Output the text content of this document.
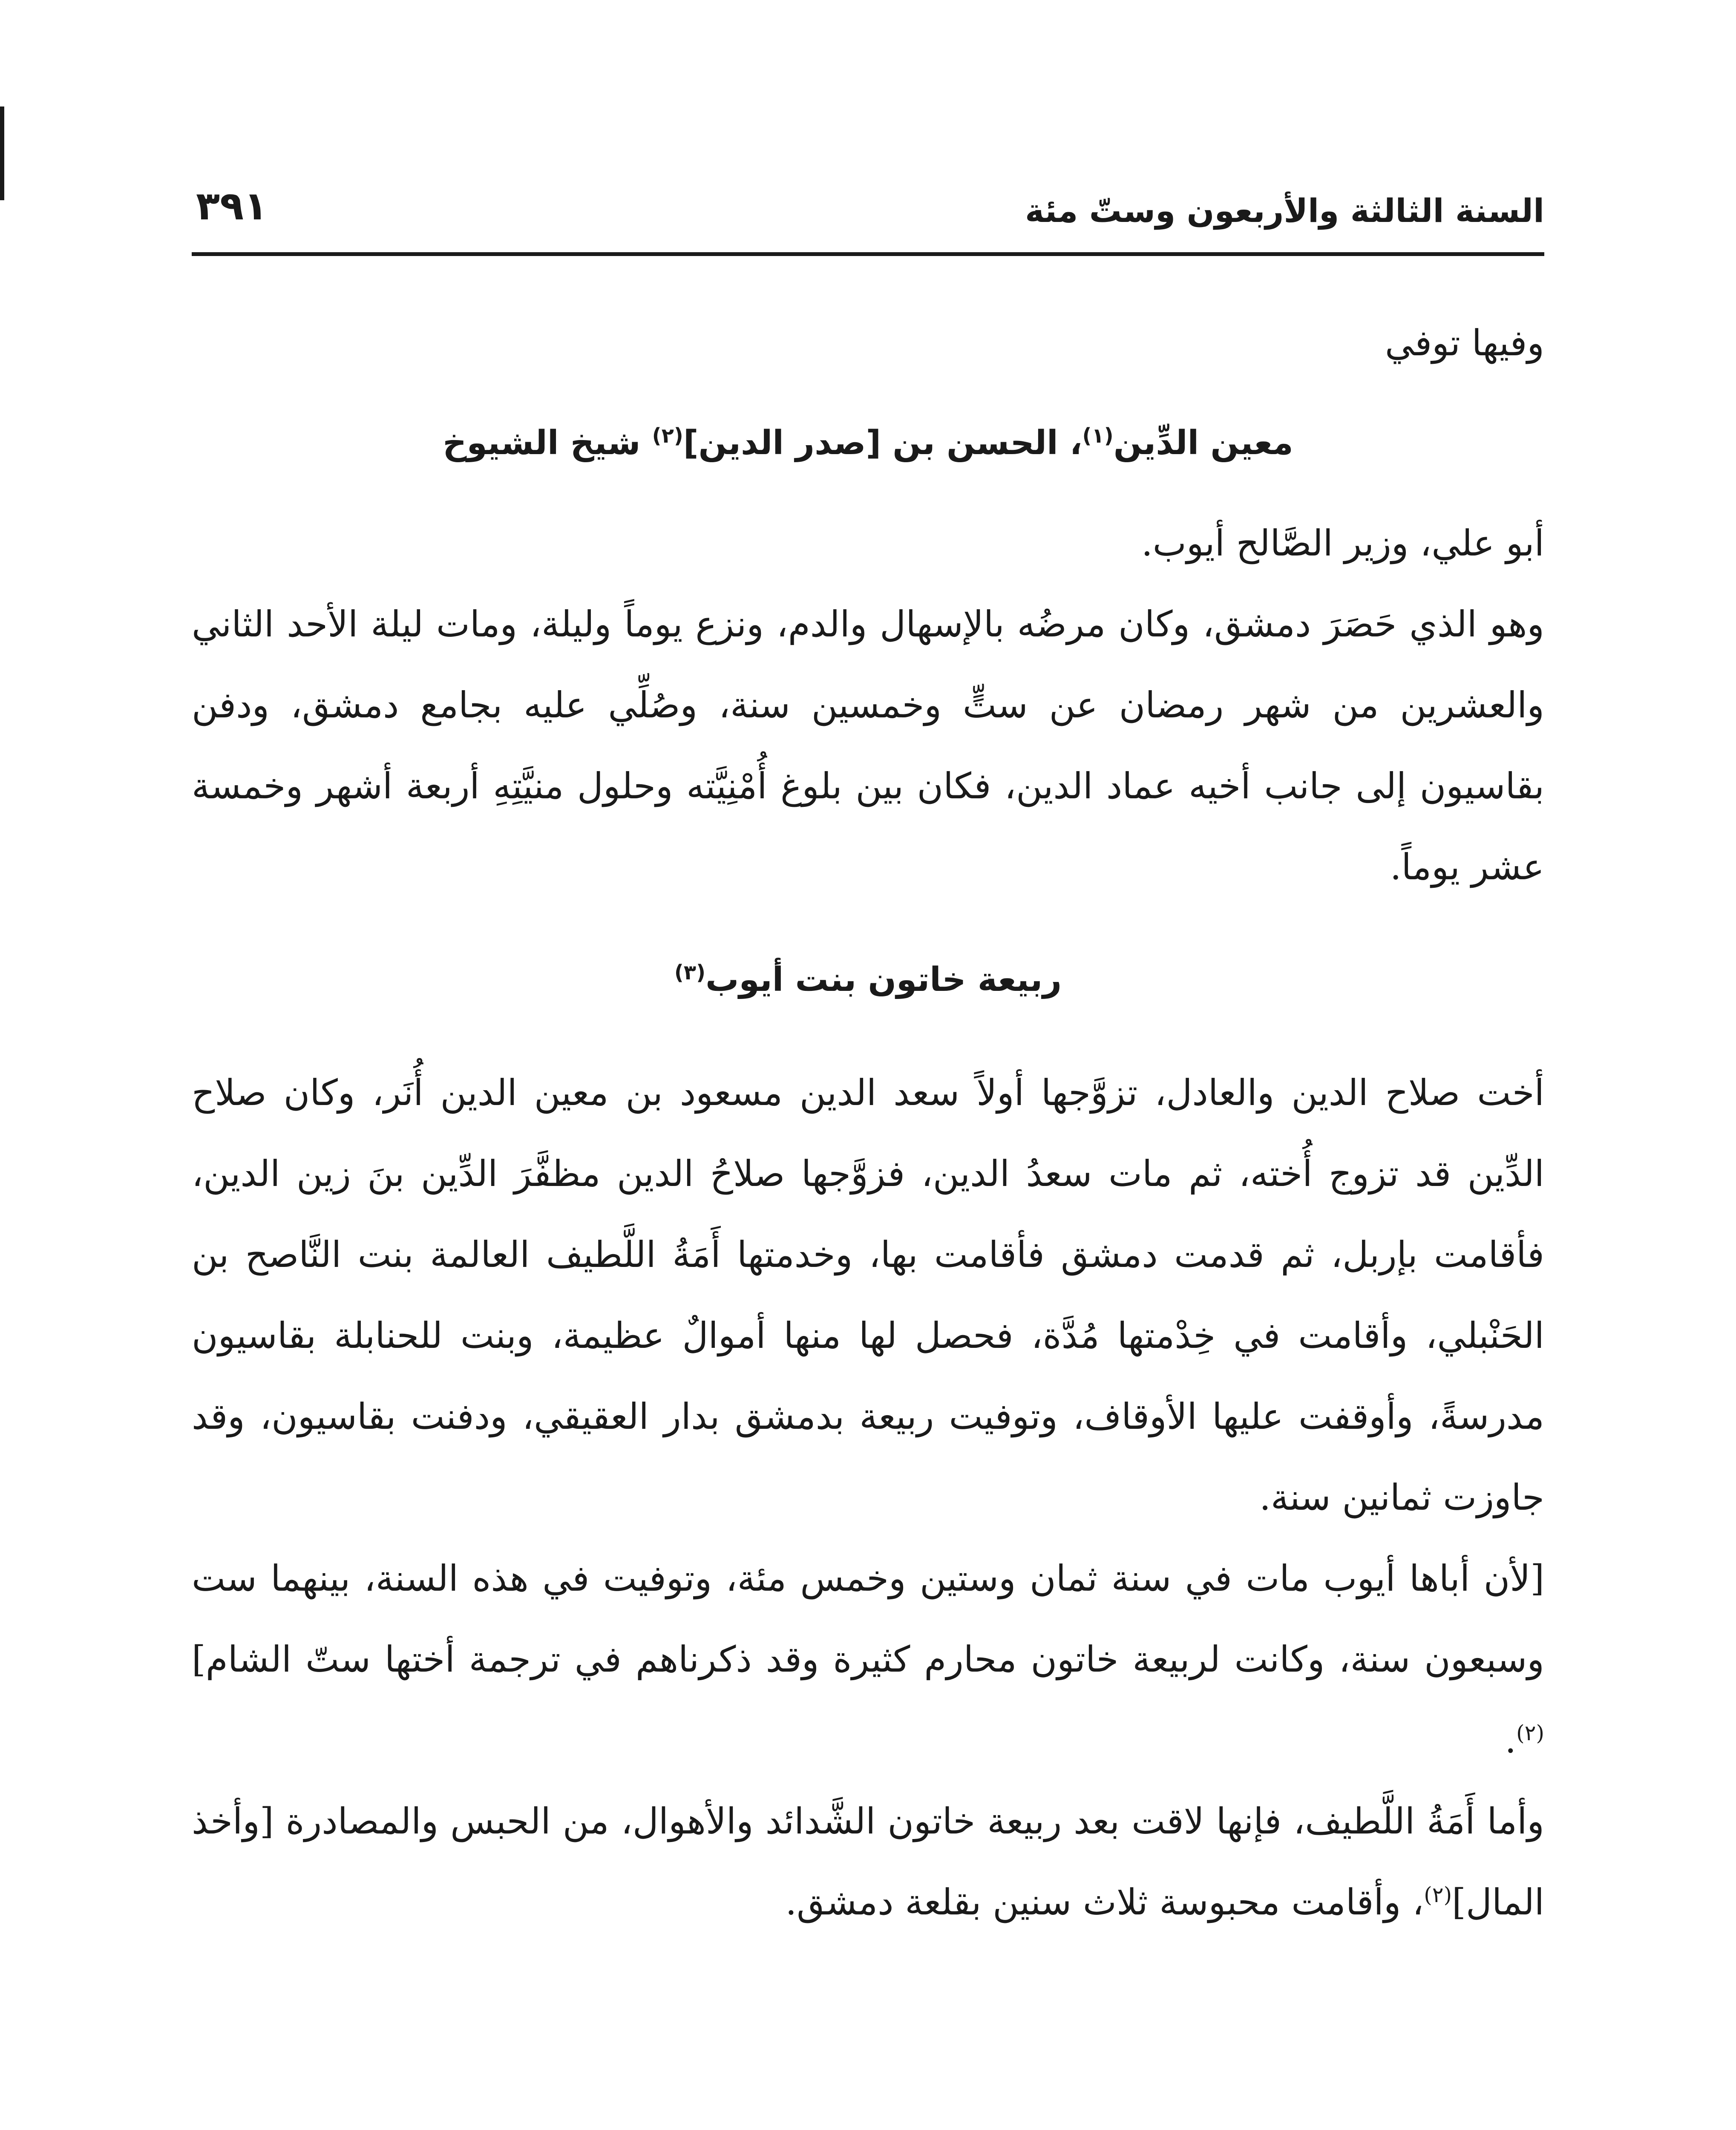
السنة الثالثة والأربعون وستّ مئة
٣٩١

وفيها توفي

معين الدِّين$^{(١)}$، الحسن بن [صدر الدين]$^{(٢)}$ شيخ الشيوخ

أبو علي، وزير الصَّالح أيوب.

وهو الذي حَصَرَ دمشق، وكان مرضُه بالإسهال والدم، ونزع يوماً وليلة، ومات ليلة الأحد الثاني والعشرين من شهر رمضان عن ستٍّ وخمسين سنة، وصُلِّي عليه بجامع دمشق، ودفن بقاسيون إلى جانب أخيه عماد الدين، فكان بين بلوغ أُمْنِيَّته وحلول منيَّتِهِ أربعة أشهر وخمسة عشر يوماً.

ربيعة خاتون بنت أيوب$^{(٣)}$

أخت صلاح الدين والعادل، تزوَّجها أولاً سعد الدين مسعود بن معين الدين أُنَر، وكان صلاح الدِّين قد تزوج أُخته، ثم مات سعدُ الدين، فزوَّجها صلاحُ الدين مظفَّرَ الدِّين بنَ زين الدين، فأقامت بإربل، ثم قدمت دمشق فأقامت بها، وخدمتها أَمَةُ اللَّطيف العالمة بنت النَّاصح بن الحَنْبلي، وأقامت في خِدْمتها مُدَّة، فحصل لها منها أموالٌ عظيمة، وبنت للحنابلة بقاسيون مدرسةً، وأوقفت عليها الأوقاف، وتوفيت ربيعة بدمشق بدار العقيقي، ودفنت بقاسيون، وقد جاوزت ثمانين سنة.

[لأن أباها أيوب مات في سنة ثمان وستين وخمس مئة، وتوفيت في هذه السنة، بينهما ست وسبعون سنة، وكانت لربيعة خاتون محارم كثيرة وقد ذكرناهم في ترجمة أختها ستّ الشام]$^{(٢)}$.

وأما أَمَةُ اللَّطيف، فإنها لاقت بعد ربيعة خاتون الشَّدائد والأهوال، من الحبس والمصادرة [وأخذ المال]$^{(٢)}$، وأقامت محبوسة ثلاث سنين بقلعة دمشق.
